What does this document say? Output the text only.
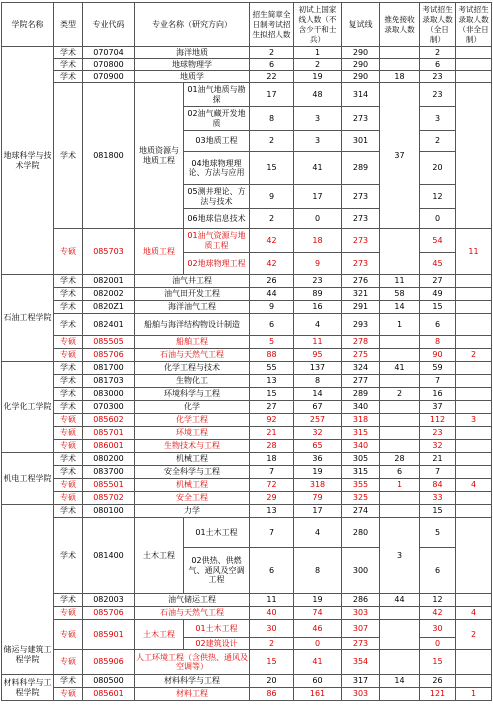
学院名称	类型	专业代码	专业名称（研究方向）		招生简章全日制考试招生拟招人数	初试上国家线人数（不含少干和士兵）	复试线	推免接收录取人数	考试招生录取人数（全日制）	考试招生录取人数（非全日制）
地球科学与技术学院	学术	070704	海洋地质		2	1	290		2	
	学术	070800	地球物理学		6	2	290		6	
	学术	070900	地质学		22	19	290	18	23	
	学术	081800	地质资源与地质工程	01油气地质与勘探	17	48	314	37	23	
				02油气藏开发地质	8	3	273		3	
				03地质工程	2	3	301		2	
				04地球物理理论、方法与应用	15	41	289		20	
				05测井理论、方法与技术	9	17	273		12	
				06地球信息技术	2	0	273		0	
	专硕	085703	地质工程	01油气资源与地质工程	42	18	273		54	11
				02地球物理工程	42	9	273		45	
石油工程学院	学术	082001	油气井工程		26	23	276	11	27	
	学术	082002	油气田开发工程		44	89	321	58	49	
	学术	0820Z1	海洋油气工程		9	16	291	14	15	
	学术	082401	船舶与海洋结构物设计制造		6	4	293	1	6	
	专硕	085505	船舶工程		5	11	278		8	
	专硕	085706	石油与天然气工程		88	95	275		90	2
化学化工学院	学术	081700	化学工程与技术		55	137	324	41	59	
	学术	081703	生物化工		13	8	277		7	
	学术	083000	环境科学与工程		15	14	289	2	16	
	学术	070300	化学		27	67	340		37	
	专硕	085602	化学工程		92	257	318		112	3
	专硕	085701	环境工程		21	32	315		23	
	专硕	086001	生物技术与工程		28	65	340		32	
机电工程学院	学术	080200	机械工程		18	36	305	28	21	
	学术	083700	安全科学与工程		7	19	315	6	7	
	专硕	085501	机械工程		72	318	355	1	84	4
	专硕	085702	安全工程		29	79	325		33	
储运与建筑工程学院	学术	080100	力学		13	17	274		15	
	学术	081400	土木工程	01土木工程	7	4	280	3	5	
				02供热、供燃气、通风及空调工程	6	8	300		6	
	学术	082003	油气储运工程		11	19	286	44	12	
	专硕	085706	石油与天然气工程		40	74	303		42	4
	专硕	085901	土木工程	01土木工程	30	46	307		30	2
				02建筑设计	2	0	273		0	
	专硕	085906	人工环境工程（含供热、通风及空调等）		15	41	354		15	
材料科学与工程学院	学术	080500	材料科学与工程		20	60	317	14	26	
	专硕	085601	材料工程		86	161	303		121	1
